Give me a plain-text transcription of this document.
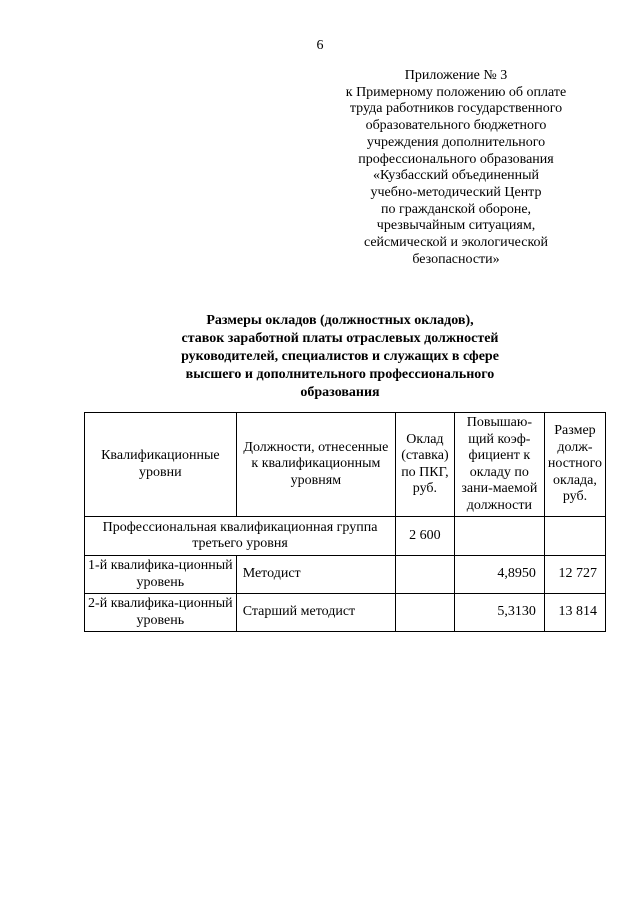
6
Приложение № 3
к Примерному положению об оплате
труда работников государственного
образовательного бюджетного
учреждения дополнительного
профессионального образования
«Кузбасский объединенный
учебно-методический Центр
по гражданской обороне,
чрезвычайным ситуациям,
сейсмической и экологической
безопасности»
Размеры окладов (должностных окладов),
ставок заработной платы отраслевых должностей
руководителей, специалистов и служащих в сфере
высшего и дополнительного профессионального
образования
Квалификационные уровни	Должности, отнесенные к квалификационным уровням	Оклад (ставка) по ПКГ, руб.	Повышаю-щий коэф-фициент к окладу по зани-маемой должности	Размер долж-ностного оклада, руб.
Профессиональная квалификационная группа третьего уровня		2 600		
1-й квалифика-ционный уровень	Методист		4,8950	12 727
2-й квалифика-ционный уровень	Старший методист		5,3130	13 814
